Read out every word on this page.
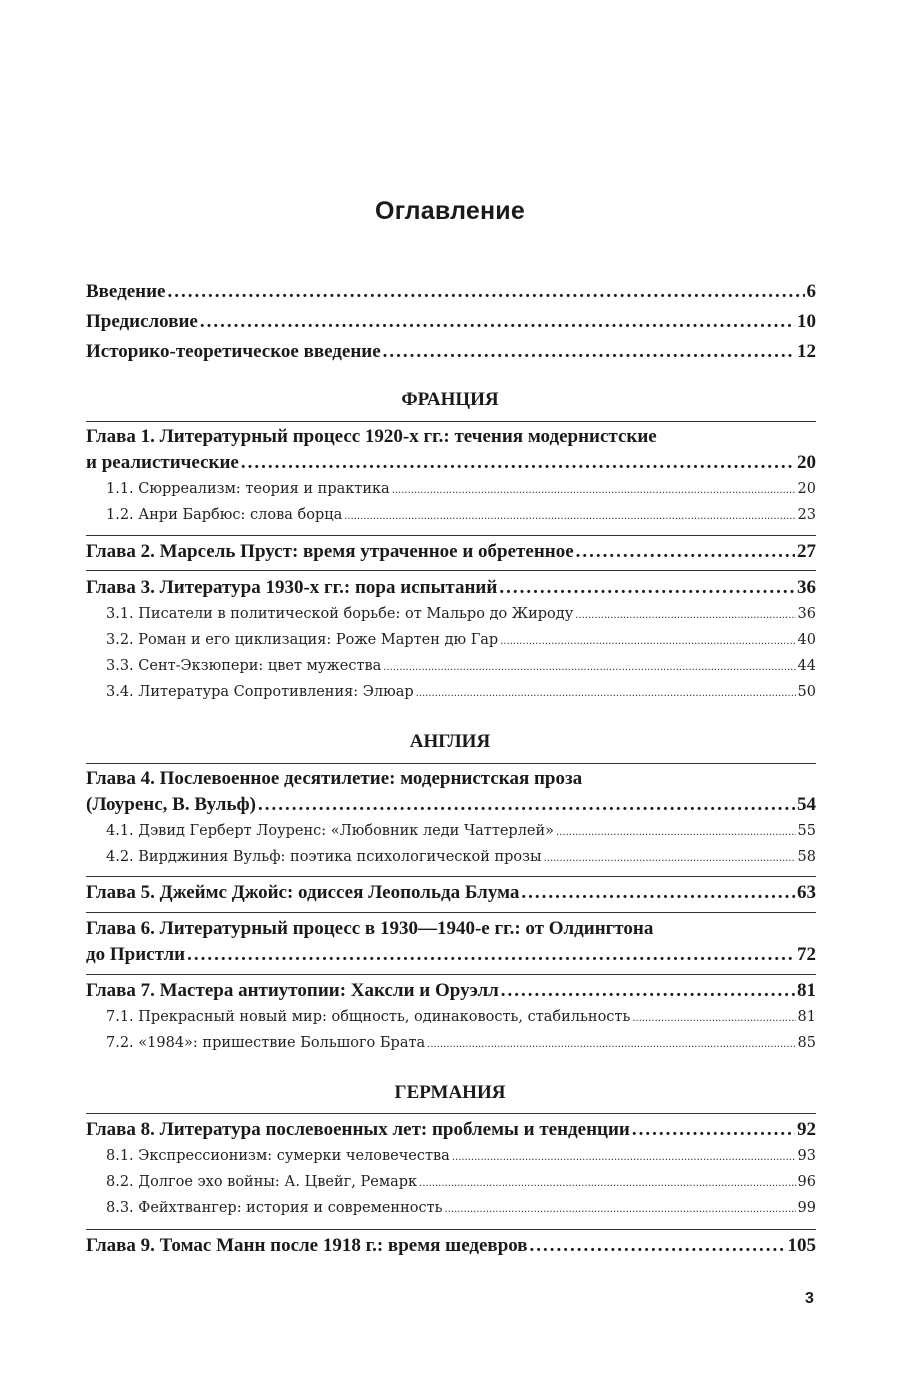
Оглавление
Введение .....	6
Предисловие .....	10
Историко-теоретическое введение .....	12
Глава 1. Литературный процесс 1920-х гг.: течения модернистские
и реалистические .....	20
1.1. Сюрреализм: теория и практика .....	20
1.2. Анри Барбюс: слова борца .....	23
Глава 2. Марсель Пруст: время утраченное и обретенное .....	27
Глава 3. Литература 1930-х гг.: пора испытаний .....	36
3.1. Писатели в политической борьбе: от Мальро до Жироду .....	36
3.2. Роман и его циклизация: Роже Мартен дю Гар .....	40
3.3. Сент-Экзюпери: цвет мужества .....	44
3.4. Литература Сопротивления: Элюар .....	50
Глава 4. Послевоенное десятилетие: модернистская проза
(Лоуренс, В. Вульф) .....	54
4.1. Дэвид Герберт Лоуренс: «Любовник леди Чаттерлей» .....	55
4.2. Вирджиния Вульф: поэтика психологической прозы .....	58
Глава 5. Джеймс Джойс: одиссея Леопольда Блума .....	63
Глава 6. Литературный процесс в 1930—1940-е гг.: от Олдингтона
до Пристли .....	72
Глава 7. Мастера антиутопии: Хаксли и Оруэлл .....	81
7.1. Прекрасный новый мир: общность, одинаковость, стабильность .....	81
7.2. «1984»: пришествие Большого Брата .....	85
Глава 8. Литература послевоенных лет: проблемы и тенденции .....	92
8.1. Экспрессионизм: сумерки человечества .....	93
8.2. Долгое эхо войны: А. Цвейг, Ремарк .....	96
8.3. Фейхтвангер: история и современность .....	99
Глава 9. Томас Манн после 1918 г.: время шедевров .....	105
ФРАНЦИЯ
АНГЛИЯ
ГЕРМАНИЯ
3
